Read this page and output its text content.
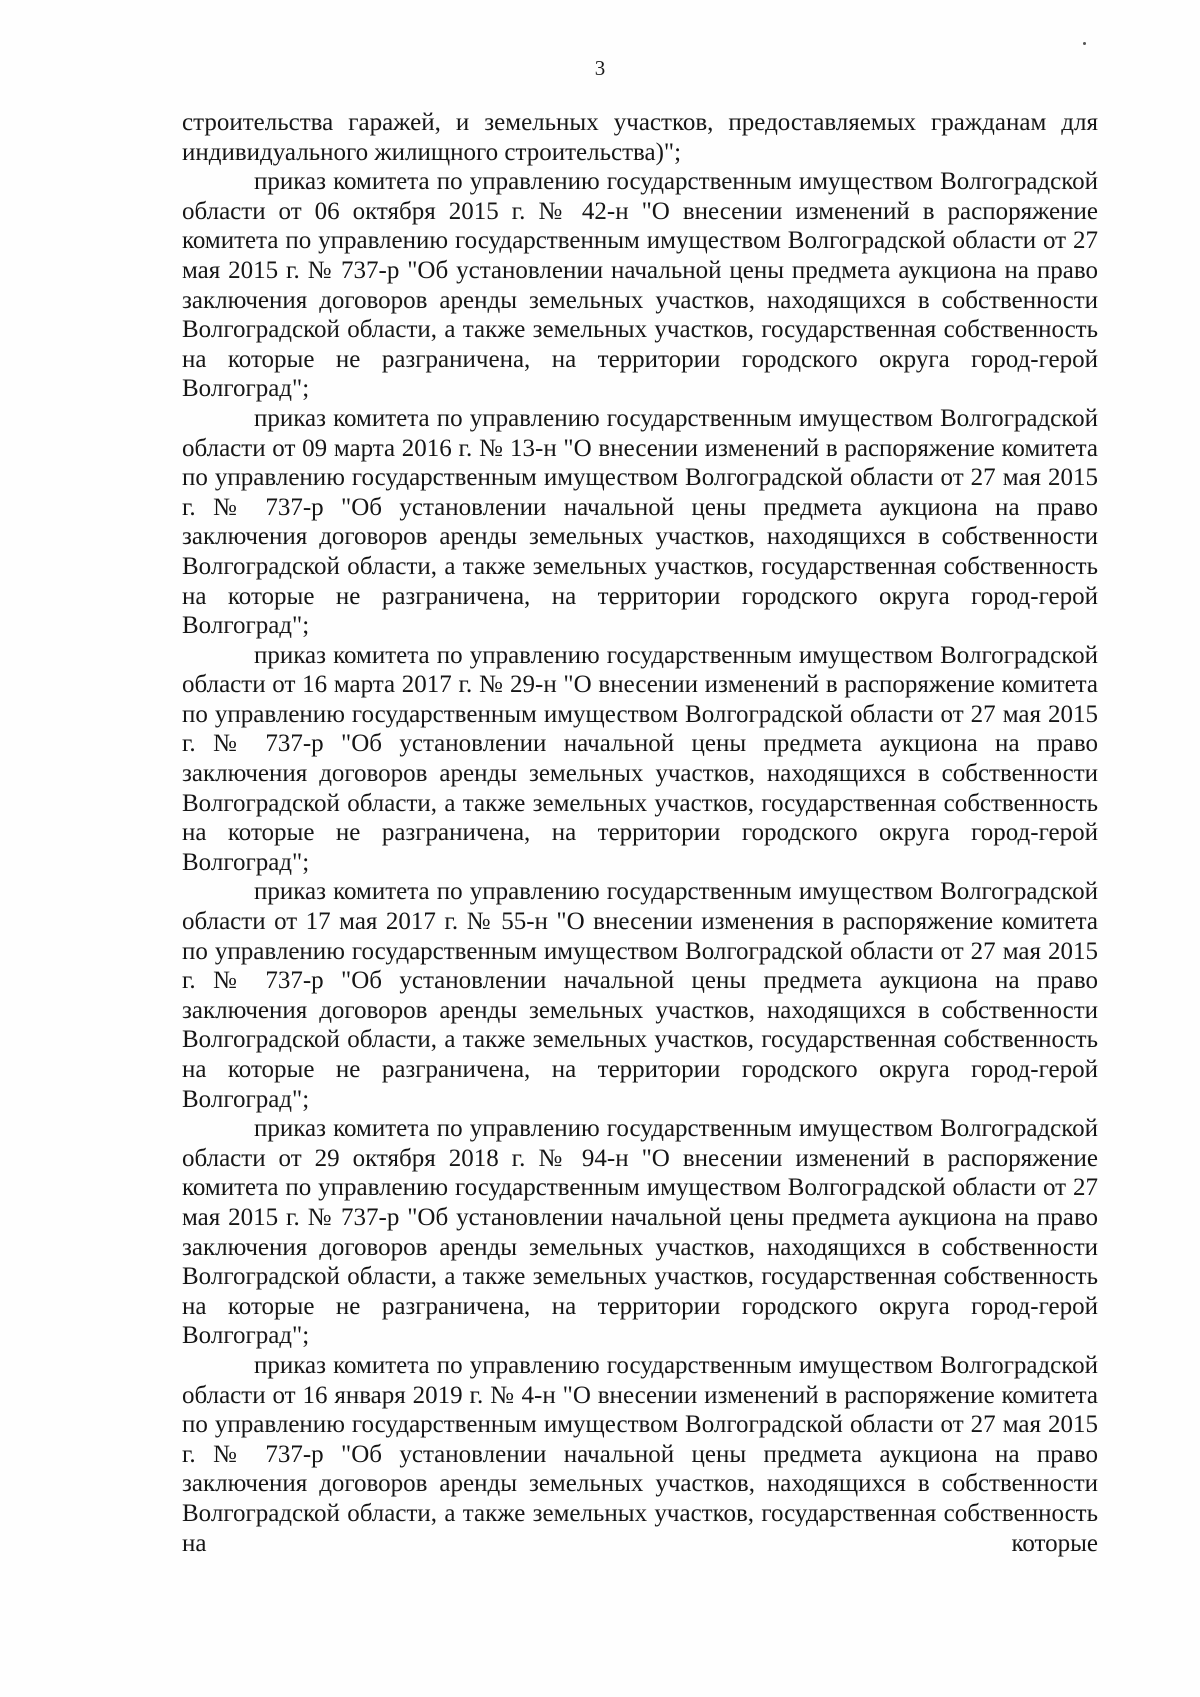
3

строительства гаражей, и земельных участков, предоставляемых гражданам для индивидуального жилищного строительства)";

приказ комитета по управлению государственным имуществом Волгоградской области от 06 октября 2015 г. № 42-н "О внесении изменений в распоряжение комитета по управлению государственным имуществом Волгоградской области от 27 мая 2015 г. № 737-р "Об установлении начальной цены предмета аукциона на право заключения договоров аренды земельных участков, находящихся в собственности Волгоградской области, а также земельных участков, государственная собственность на которые не разграничена, на территории городского округа город-герой Волгоград";

приказ комитета по управлению государственным имуществом Волгоградской области от 09 марта 2016 г. № 13-н "О внесении изменений в распоряжение комитета по управлению государственным имуществом Волгоградской области от 27 мая 2015 г. № 737-р "Об установлении начальной цены предмета аукциона на право заключения договоров аренды земельных участков, находящихся в собственности Волгоградской области, а также земельных участков, государственная собственность на которые не разграничена, на территории городского округа город-герой Волгоград";

приказ комитета по управлению государственным имуществом Волгоградской области от 16 марта 2017 г. № 29-н "О внесении изменений в распоряжение комитета по управлению государственным имуществом Волгоградской области от 27 мая 2015 г. № 737-р "Об установлении начальной цены предмета аукциона на право заключения договоров аренды земельных участков, находящихся в собственности Волгоградской области, а также земельных участков, государственная собственность на которые не разграничена, на территории городского округа город-герой Волгоград";

приказ комитета по управлению государственным имуществом Волгоградской области от 17 мая 2017 г. № 55-н "О внесении изменения в распоряжение комитета по управлению государственным имуществом Волгоградской области от 27 мая 2015 г. № 737-р "Об установлении начальной цены предмета аукциона на право заключения договоров аренды земельных участков, находящихся в собственности Волгоградской области, а также земельных участков, государственная собственность на которые не разграничена, на территории городского округа город-герой Волгоград";

приказ комитета по управлению государственным имуществом Волгоградской области от 29 октября 2018 г. № 94-н "О внесении изменений в распоряжение комитета по управлению государственным имуществом Волгоградской области от 27 мая 2015 г. № 737-р "Об установлении начальной цены предмета аукциона на право заключения договоров аренды земельных участков, находящихся в собственности Волгоградской области, а также земельных участков, государственная собственность на которые не разграничена, на территории городского округа город-герой Волгоград";

приказ комитета по управлению государственным имуществом Волгоградской области от 16 января 2019 г. № 4-н "О внесении изменений в распоряжение комитета по управлению государственным имуществом Волгоградской области от 27 мая 2015 г. № 737-р "Об установлении начальной цены предмета аукциона на право заключения договоров аренды земельных участков, находящихся в собственности Волгоградской области, а также земельных участков, государственная собственность на которые
